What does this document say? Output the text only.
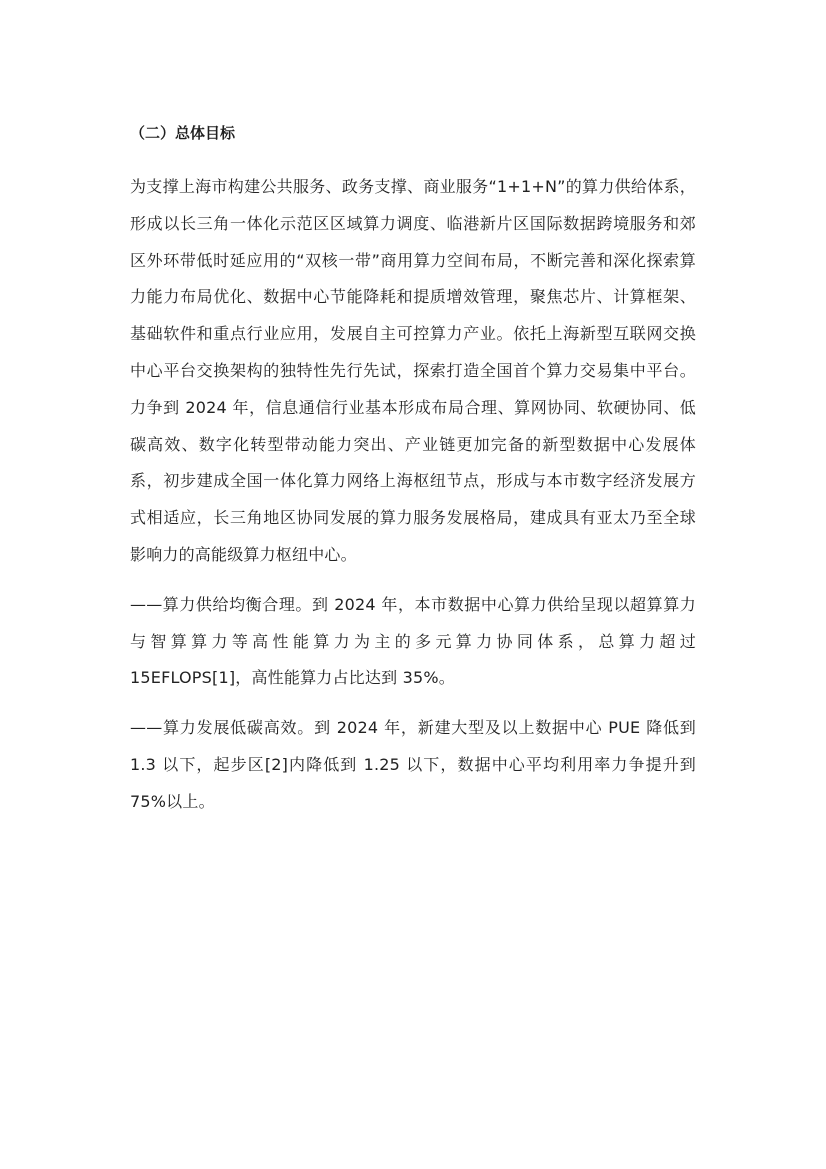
（二）总体目标

为支撑上海市构建公共服务、政务支撑、商业服务“1+1+N”的算力供给体系，形成以长三角一体化示范区区域算力调度、临港新片区国际数据跨境服务和郊区外环带低时延应用的“双核一带”商用算力空间布局，不断完善和深化探索算力能力布局优化、数据中心节能降耗和提质增效管理，聚焦芯片、计算框架、基础软件和重点行业应用，发展自主可控算力产业。依托上海新型互联网交换中心平台交换架构的独特性先行先试，探索打造全国首个算力交易集中平台。力争到 2024 年，信息通信行业基本形成布局合理、算网协同、软硬协同、低碳高效、数字化转型带动能力突出、产业链更加完备的新型数据中心发展体系，初步建成全国一体化算力网络上海枢纽节点，形成与本市数字经济发展方式相适应，长三角地区协同发展的算力服务发展格局，建成具有亚太乃至全球影响力的高能级算力枢纽中心。

——算力供给均衡合理。到 2024 年，本市数据中心算力供给呈现以超算算力与智算算力等高性能算力为主的多元算力协同体系，总算力超过 15EFLOPS[1]，高性能算力占比达到 35%。

——算力发展低碳高效。到 2024 年，新建大型及以上数据中心 PUE 降低到 1.3 以下，起步区[2]内降低到 1.25 以下，数据中心平均利用率力争提升到 75%以上。
